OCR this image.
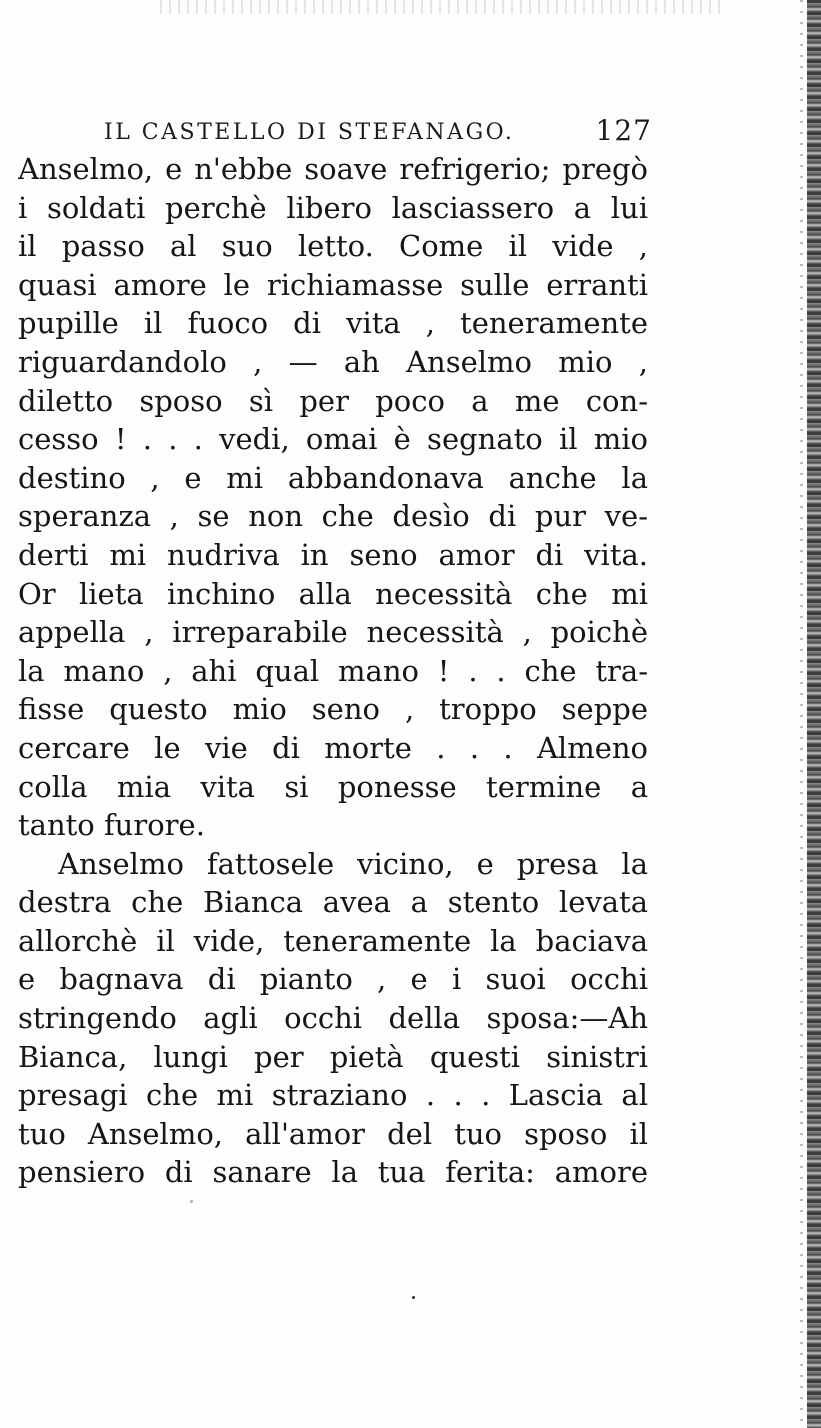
IL CASTELLO DI STEFANAGO.	127
Anselmo, e n'ebbe soave refrigerio; pregò
i soldati perchè libero lasciassero a lui
il passo al suo letto. Come il vide ,
quasi amore le richiamasse sulle erranti
pupille il fuoco di vita , teneramente
riguardandolo , — ah Anselmo mio ,
diletto sposo sì per poco a me con-
cesso ! . . . vedi, omai è segnato il mio
destino , e mi abbandonava anche la
speranza , se non che desìo di pur ve-
derti mi nudriva in seno amor di vita.
Or lieta inchino alla necessità che mi
appella , irreparabile necessità , poichè
la mano , ahi qual mano ! . . che tra-
fisse questo mio seno , troppo seppe
cercare le vie di morte . . . Almeno
colla mia vita si ponesse termine a
tanto furore.
Anselmo fattosele vicino, e presa la
destra che Bianca avea a stento levata
allorchè il vide, teneramente la baciava
e bagnava di pianto , e i suoi occhi
stringendo agli occhi della sposa:—Ah
Bianca, lungi per pietà questi sinistri
presagi che mi straziano . . . Lascia al
tuo Anselmo, all'amor del tuo sposo il
pensiero di sanare la tua ferita: amore
